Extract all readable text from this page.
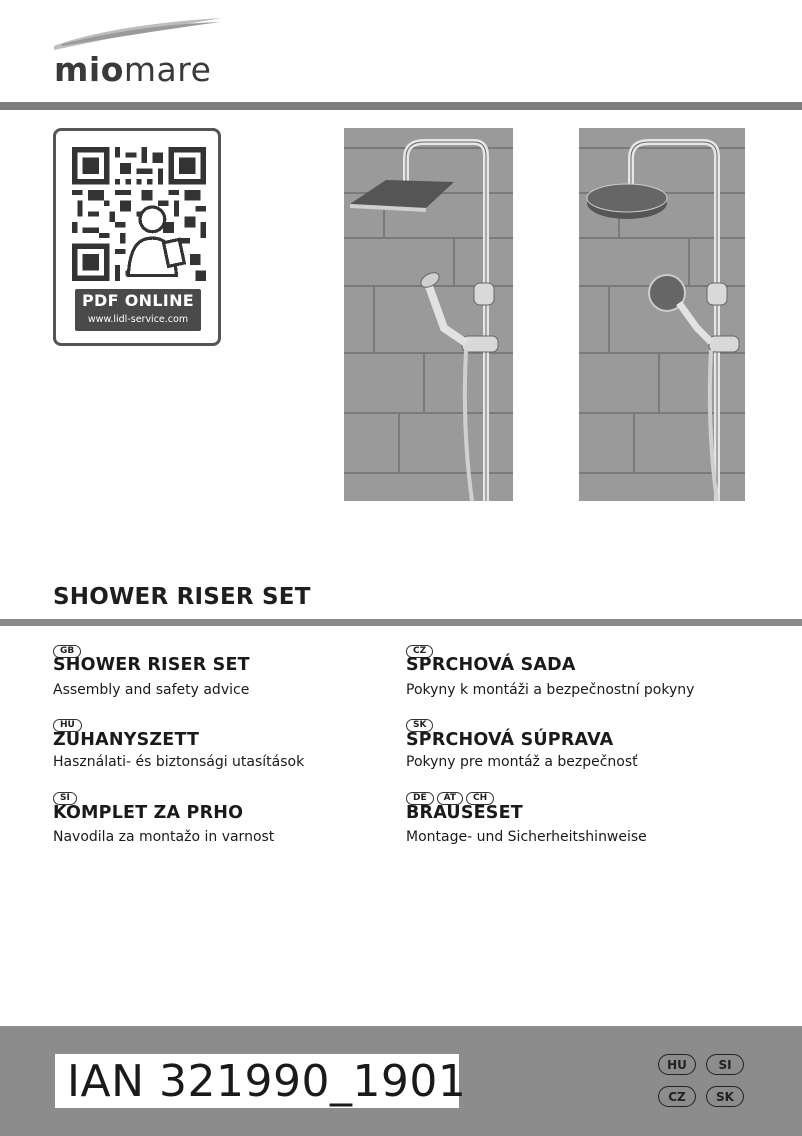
miomare
PDF ONLINE
www.lidl-service.com
SHOWER RISER SET
GB
SHOWER RISER SET
Assembly and safety advice
HU
ZUHANYSZETT
Használati- és biztonsági utasítások
SI
KOMPLET ZA PRHO
Navodila za montažo in varnost
CZ
SPRCHOVÁ SADA
Pokyny k montáži a bezpečnostní pokyny
SK
SPRCHOVÁ SÚPRAVA
Pokyny pre montáž a bezpečnosť
DE AT CH
BRAUSESET
Montage- und Sicherheitshinweise
IAN 321990_1901	HU	SI
CZ	SK
